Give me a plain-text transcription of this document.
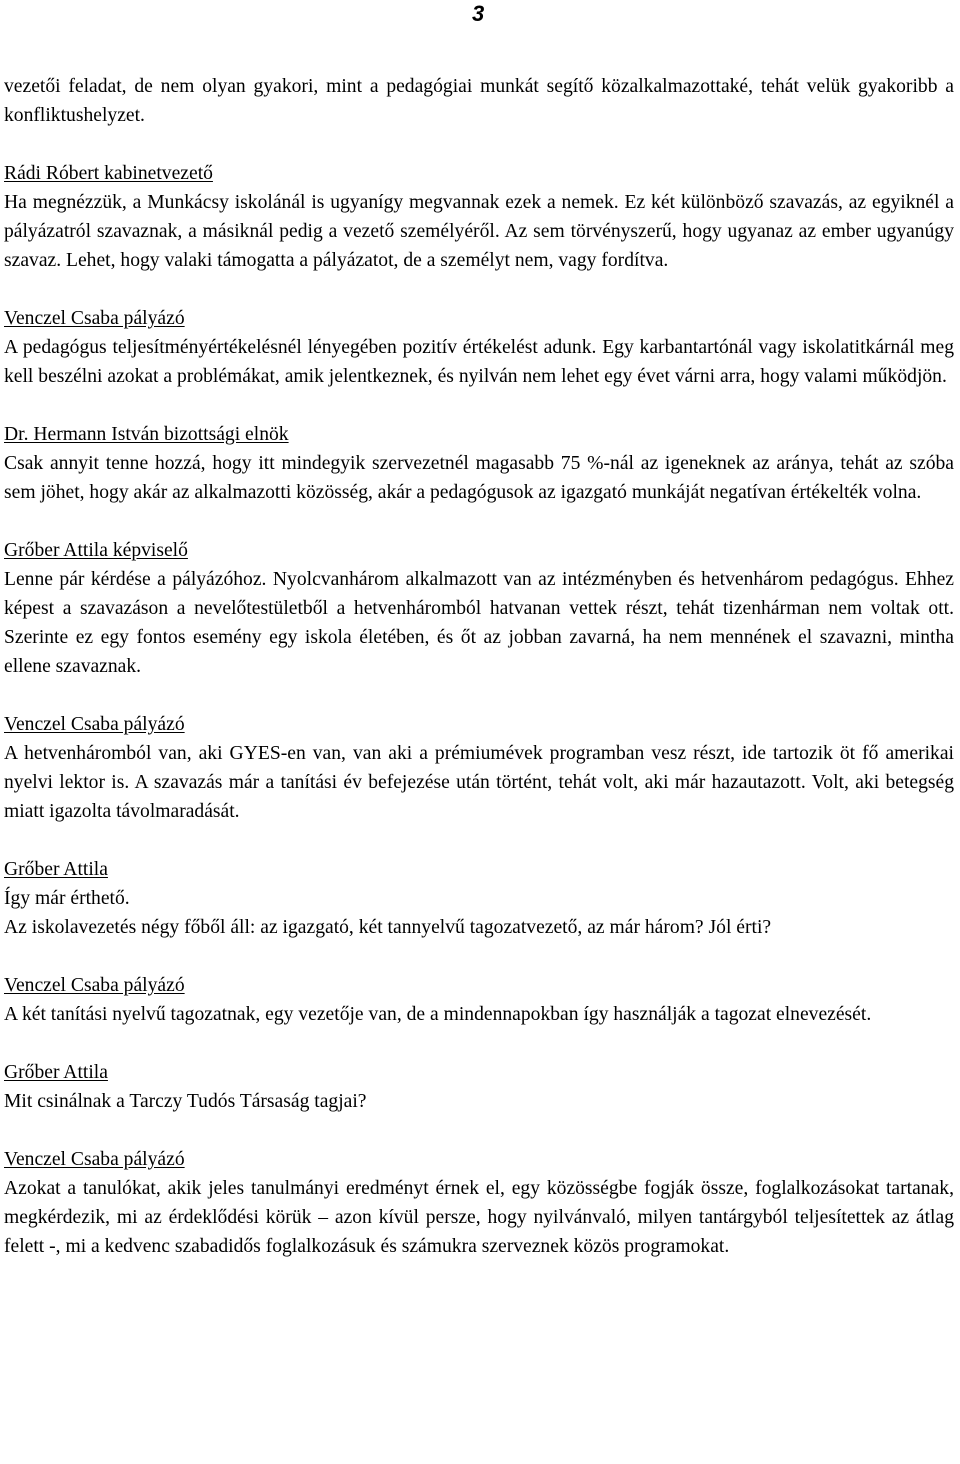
3
vezetői feladat, de nem olyan gyakori, mint a pedagógiai munkát segítő közalkalmazottaké, tehát velük gyakoribb a konfliktushelyzet.
Rádi Róbert kabinetvezető
Ha megnézzük, a Munkácsy iskolánál is ugyanígy megvannak ezek a nemek. Ez két különböző szavazás, az egyiknél a pályázatról szavaznak, a másiknál pedig a vezető személyéről. Az sem törvényszerű, hogy ugyanaz az ember ugyanúgy szavaz. Lehet, hogy valaki támogatta a pályázatot, de a személyt nem, vagy fordítva.
Venczel Csaba pályázó
A pedagógus teljesítményértékelésnél lényegében pozitív értékelést adunk. Egy karbantartónál vagy iskolatitkárnál meg kell beszélni azokat a problémákat, amik jelentkeznek, és nyilván nem lehet egy évet várni arra, hogy valami működjön.
Dr. Hermann István bizottsági elnök
Csak annyit tenne hozzá, hogy itt mindegyik szervezetnél magasabb 75 %-nál az igeneknek az aránya, tehát az szóba sem jöhet, hogy akár az alkalmazotti közösség, akár a pedagógusok az igazgató munkáját negatívan értékelték volna.
Grőber Attila képviselő
Lenne pár kérdése a pályázóhoz. Nyolcvanhárom alkalmazott van az intézményben és hetvenhárom pedagógus. Ehhez képest a szavazáson a nevelőtestületből a hetvenháromból hatvanan vettek részt, tehát tizenhárman nem voltak ott. Szerinte ez egy fontos esemény egy iskola életében, és őt az jobban zavarná, ha nem mennének el szavazni, mintha ellene szavaznak.
Venczel Csaba pályázó
A hetvenháromból van, aki GYES-en van, van aki a prémiumévek programban vesz részt, ide tartozik öt fő amerikai nyelvi lektor is. A szavazás már a tanítási év befejezése után történt, tehát volt, aki már hazautazott. Volt, aki betegség miatt igazolta távolmaradását.
Grőber Attila
Így már érthető.
Az iskolavezetés négy főből áll: az igazgató, két tannyelvű tagozatvezető, az már három? Jól érti?
Venczel Csaba pályázó
A két tanítási nyelvű tagozatnak, egy vezetője van, de a mindennapokban így használják a tagozat elnevezését.
Grőber Attila
Mit csinálnak a Tarczy Tudós Társaság tagjai?
Venczel Csaba pályázó
Azokat a tanulókat, akik jeles tanulmányi eredményt érnek el, egy közösségbe fogják össze, foglalkozásokat tartanak, megkérdezik, mi az érdeklődési körük – azon kívül persze, hogy nyilvánvaló, milyen tantárgyból teljesítettek az átlag felett -, mi a kedvenc szabadidős foglalkozásuk és számukra szerveznek közös programokat.
